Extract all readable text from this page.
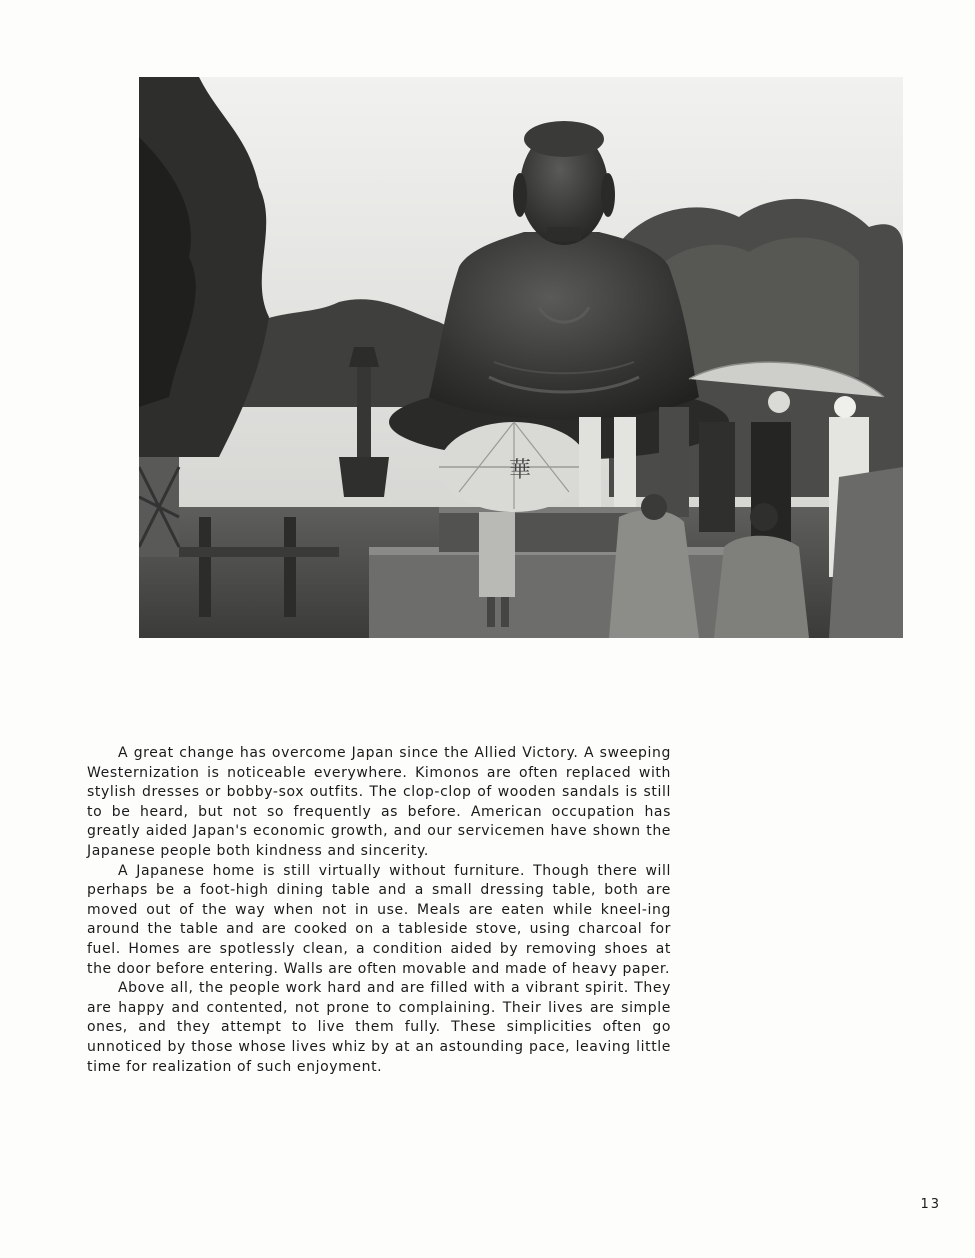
華

A great change has overcome Japan since the Allied Victory. A sweeping Westernization is noticeable everywhere. Kimonos are often replaced with stylish dresses or bobby-sox outfits. The clop-clop of wooden sandals is still to be heard, but not so frequently as before. American occupation has greatly aided Japan's economic growth, and our servicemen have shown the Japanese people both kindness and sincerity.

A Japanese home is still virtually without furniture. Though there will perhaps be a foot-high dining table and a small dressing table, both are moved out of the way when not in use. Meals are eaten while kneel-ing around the table and are cooked on a tableside stove, using charcoal for fuel. Homes are spotlessly clean, a condition aided by removing shoes at the door before entering. Walls are often movable and made of heavy paper.

Above all, the people work hard and are filled with a vibrant spirit. They are happy and contented, not prone to complaining. Their lives are simple ones, and they attempt to live them fully. These simplicities often go unnoticed by those whose lives whiz by at an astounding pace, leaving little time for realization of such enjoyment.

13
